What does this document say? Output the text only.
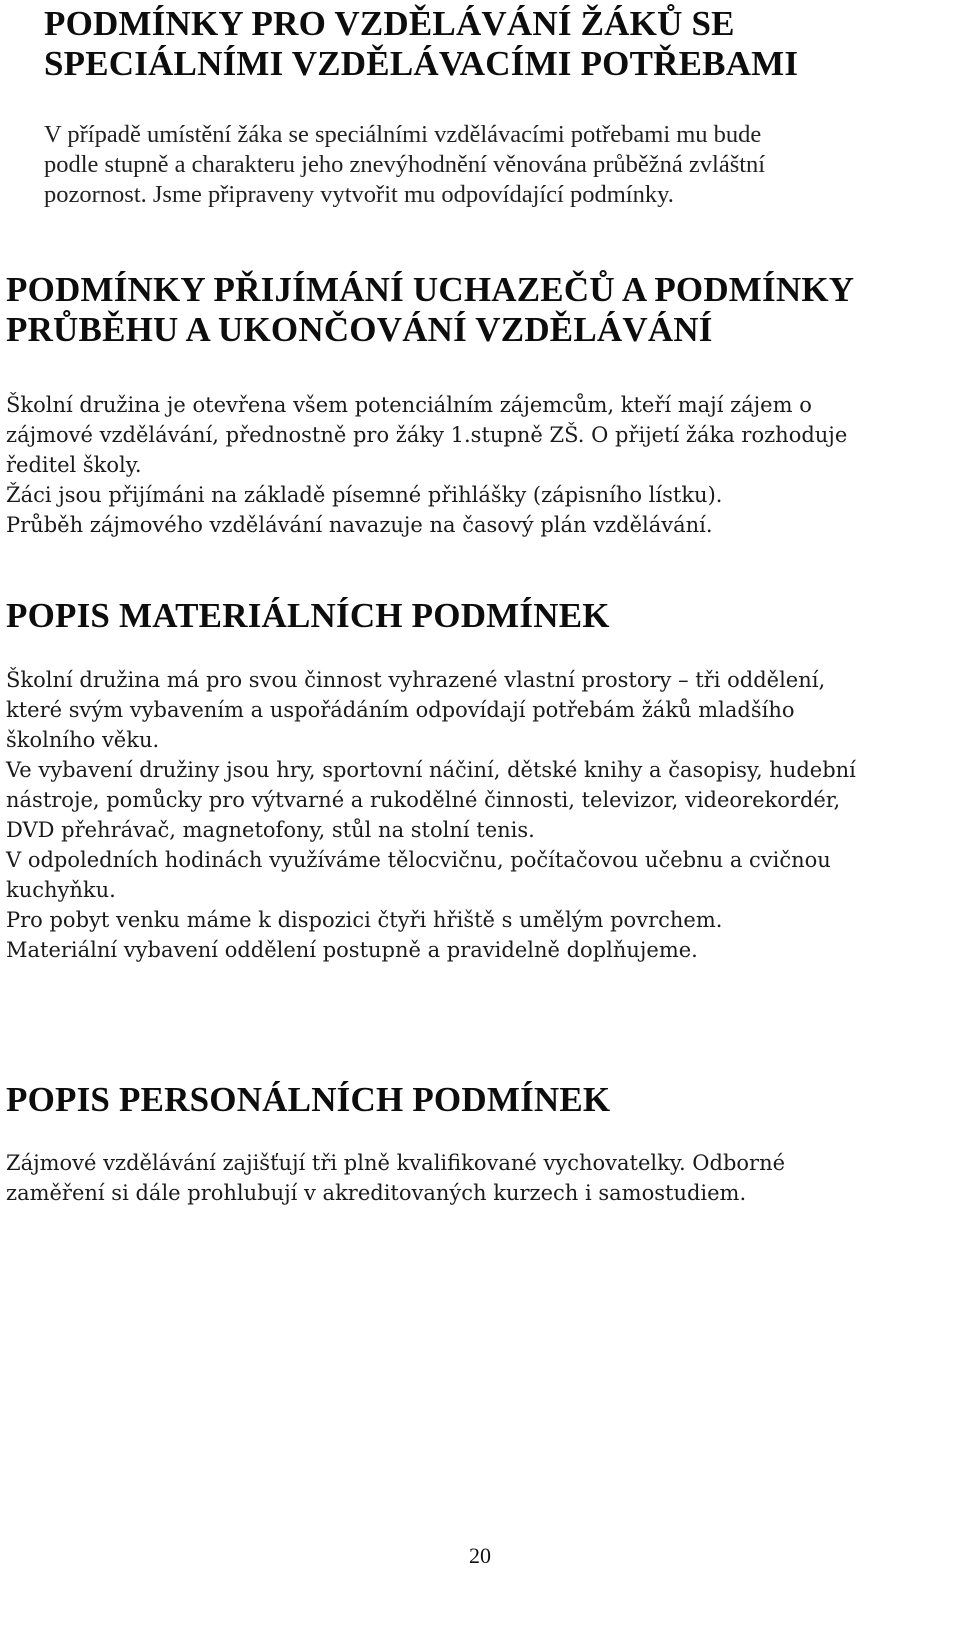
PODMÍNKY PRO VZDĚLÁVÁNÍ ŽÁKŮ SE
SPECIÁLNÍMI VZDĚLÁVACÍMI POTŘEBAMI
V případě umístění žáka se speciálními vzdělávacími potřebami mu bude
podle stupně a charakteru jeho znevýhodnění věnována průběžná zvláštní
pozornost. Jsme připraveny vytvořit mu odpovídající podmínky.
PODMÍNKY PŘIJÍMÁNÍ UCHAZEČŮ A PODMÍNKY
PRŮBĚHU A UKONČOVÁNÍ VZDĚLÁVÁNÍ
Školní družina je otevřena všem potenciálním zájemcům, kteří mají zájem o
zájmové vzdělávání, přednostně pro žáky 1.stupně ZŠ. O přijetí žáka rozhoduje
ředitel školy.
Žáci jsou přijímáni na základě písemné přihlášky (zápisního lístku).
Průběh zájmového vzdělávání navazuje na časový plán vzdělávání.
POPIS MATERIÁLNÍCH PODMÍNEK
Školní družina má pro svou činnost vyhrazené vlastní prostory – tři oddělení,
které svým vybavením a uspořádáním odpovídají potřebám žáků mladšího
školního věku.
Ve vybavení družiny jsou hry, sportovní náčiní, dětské knihy a časopisy, hudební
nástroje, pomůcky pro výtvarné a rukodělné činnosti, televizor, videorekordér,
DVD přehrávač, magnetofony, stůl na stolní tenis.
V odpoledních hodinách využíváme tělocvičnu, počítačovou učebnu a cvičnou
kuchyňku.
Pro pobyt venku máme k dispozici čtyři hřiště s umělým povrchem.
Materiální vybavení oddělení postupně a pravidelně doplňujeme.
POPIS PERSONÁLNÍCH PODMÍNEK
Zájmové vzdělávání zajišťují tři plně kvalifikované vychovatelky. Odborné
zaměření si dále prohlubují v akreditovaných kurzech i samostudiem.
20
